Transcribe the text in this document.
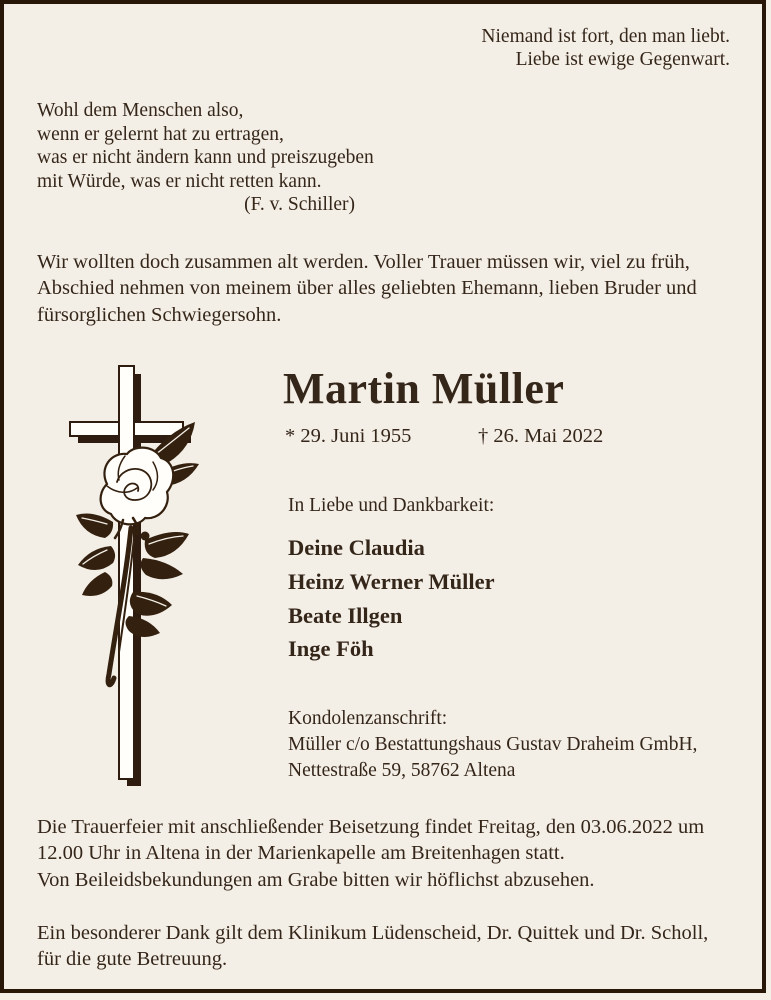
Niemand ist fort, den man liebt.
Liebe ist ewige Gegenwart.
Wohl dem Menschen also,
wenn er gelernt hat zu ertragen,
was er nicht ändern kann und preiszugeben
mit Würde, was er nicht retten kann.
(F. v. Schiller)
Wir wollten doch zusammen alt werden. Voller Trauer müssen wir, viel zu früh,
Abschied nehmen von meinem über alles geliebten Ehemann, lieben Bruder und
fürsorglichen Schwiegersohn.
Martin Müller
* 29. Juni 1955	† 26. Mai 2022
In Liebe und Dankbarkeit:
Deine Claudia
Heinz Werner Müller
Beate Illgen
Inge Föh
Kondolenzanschrift:
Müller c/o Bestattungshaus Gustav Draheim GmbH,
Nettestraße 59, 58762 Altena
Die Trauerfeier mit anschließender Beisetzung findet Freitag, den 03.06.2022 um
12.00 Uhr in Altena in der Marienkapelle am Breitenhagen statt.
Von Beileidsbekundungen am Grabe bitten wir höflichst abzusehen.
Ein besonderer Dank gilt dem Klinikum Lüdenscheid, Dr. Quittek und Dr. Scholl,
für die gute Betreuung.
